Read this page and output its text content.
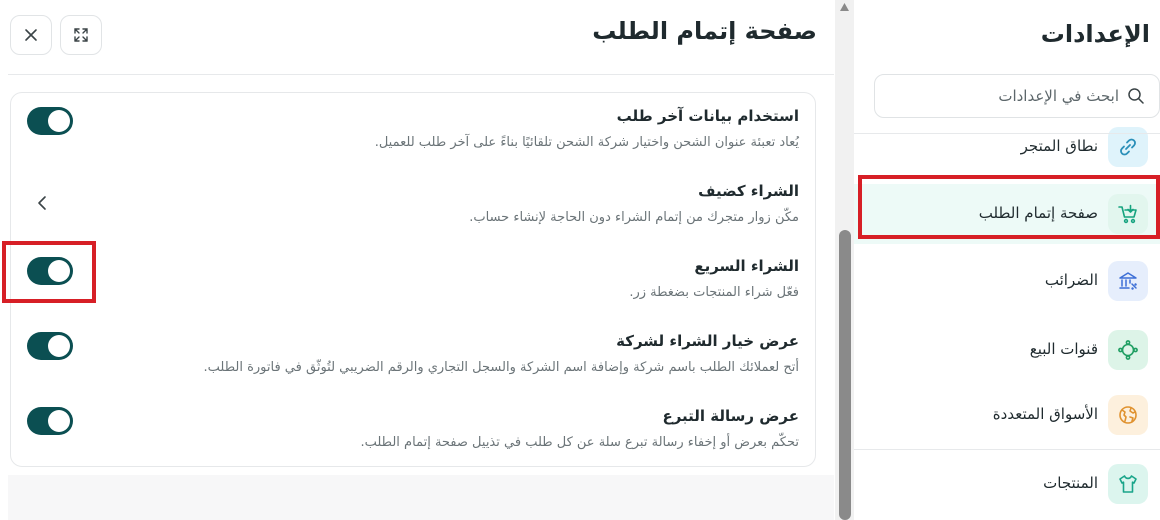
صفحة إتمام الطلب
استخدام بيانات آخر طلب
يُعاد تعبئة عنوان الشحن واختيار شركة الشحن تلقائيًا بناءً على آخر طلب للعميل.
الشراء كضيف
مكّن زوار متجرك من إتمام الشراء دون الحاجة لإنشاء حساب.
الشراء السريع
فعّل شراء المنتجات بضغطة زر.
عرض خيار الشراء لشركة
أتح لعملائك الطلب باسم شركة وإضافة اسم الشركة والسجل التجاري والرقم الضريبي لتُوثّق في فاتورة الطلب.
عرض رسالة التبرع
تحكّم بعرض أو إخفاء رسالة تبرع سلة عن كل طلب في تذييل صفحة إتمام الطلب.
الإعدادات
ابحث في الإعدادات
نطاق المتجر
صفحة إتمام الطلب
الضرائب
قنوات البيع
الأسواق المتعددة
المنتجات
